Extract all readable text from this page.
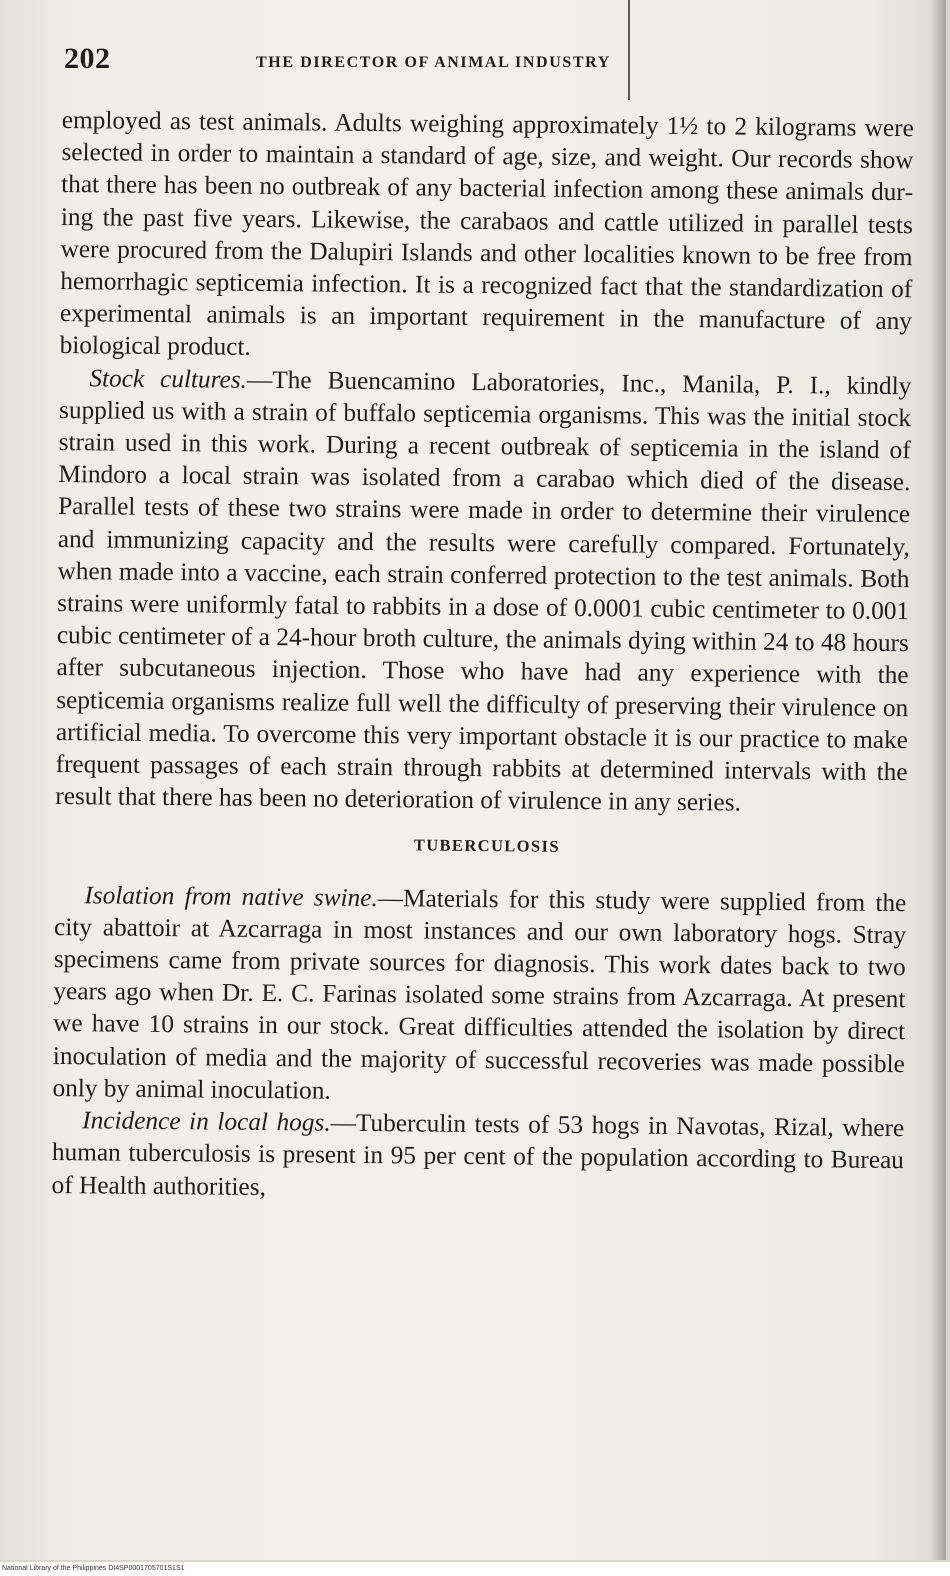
202	THE DIRECTOR OF ANIMAL INDUSTRY

employed as test animals. Adults weighing approximately 1½ to 2 kilograms were selected in order to maintain a standard of age, size, and weight. Our records show that there has been no outbreak of any bacterial infection among these animals during the past five years. Likewise, the carabaos and cattle utilized in parallel tests were procured from the Dalupiri Islands and other localities known to be free from hemorrhagic septicemia infection. It is a recognized fact that the standardization of experimental animals is an important requirement in the manufacture of any biological product.

Stock cultures.—The Buencamino Laboratories, Inc., Manila, P. I., kindly supplied us with a strain of buffalo septicemia organisms. This was the initial stock strain used in this work. During a recent outbreak of septicemia in the island of Mindoro a local strain was isolated from a carabao which died of the disease. Parallel tests of these two strains were made in order to determine their virulence and immunizing capacity and the results were carefully compared. Fortunately, when made into a vaccine, each strain conferred protection to the test animals. Both strains were uniformly fatal to rabbits in a dose of 0.0001 cubic centimeter to 0.001 cubic centimeter of a 24-hour broth culture, the animals dying within 24 to 48 hours after subcutaneous injection. Those who have had any experience with the septicemia organisms realize full well the difficulty of preserving their virulence on artificial media. To overcome this very important obstacle it is our practice to make frequent passages of each strain through rabbits at determined intervals with the result that there has been no deterioration of virulence in any series.

TUBERCULOSIS

Isolation from native swine.—Materials for this study were supplied from the city abattoir at Azcarraga in most instances and our own laboratory hogs. Stray specimens came from private sources for diagnosis. This work dates back to two years ago when Dr. E. C. Farinas isolated some strains from Azcarraga. At present we have 10 strains in our stock. Great difficulties attended the isolation by direct inoculation of media and the majority of successful recoveries was made possible only by animal inoculation.

Incidence in local hogs.—Tuberculin tests of 53 hogs in Navotas, Rizal, where human tuberculosis is present in 95 per cent of the population according to Bureau of Health authorities,

National Library of the Philippines DI4SP0001705701S1S1
